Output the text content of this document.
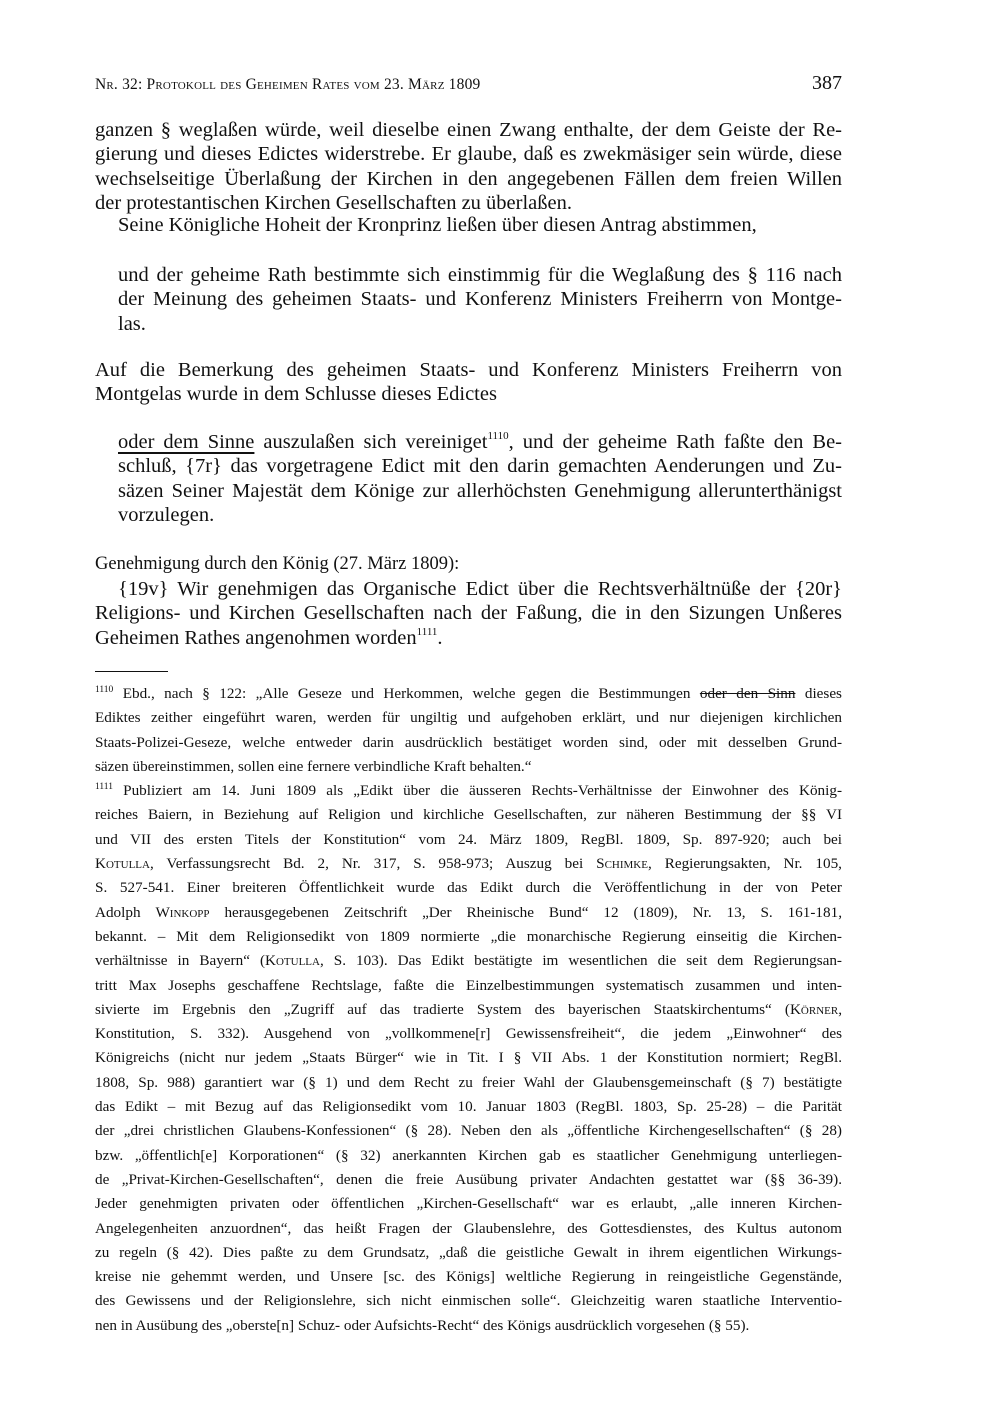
Nr. 32: Protokoll des Geheimen Rates vom 23. März 1809	387
ganzen § weglaßen würde, weil dieselbe einen Zwang enthalte, der dem Geiste der Re-
gierung und dieses Edictes widerstrebe. Er glaube, daß es zwekmäsiger sein würde, diese
wechselseitige Überlaßung der Kirchen in den angegebenen Fällen dem freien Willen
der protestantischen Kirchen Gesellschaften zu überlaßen.
Seine Königliche Hoheit der Kronprinz ließen über diesen Antrag abstimmen,
und der geheime Rath bestimmte sich einstimmig für die Weglaßung des § 116 nach
der Meinung des geheimen Staats- und Konferenz Ministers Freiherrn von Montge-
las.
Auf die Bemerkung des geheimen Staats- und Konferenz Ministers Freiherrn von
Montgelas wurde in dem Schlusse dieses Edictes
oder dem Sinne auszulaßen sich vereiniget$^{1110}$, und der geheime Rath faßte den Be-
schluß, {7r} das vorgetragene Edict mit den darin gemachten Aenderungen und Zu-
säzen Seiner Majestät dem Könige zur allerhöchsten Genehmigung allerunterthänigst
vorzulegen.
Genehmigung durch den König (27. März 1809):
{19v} Wir genehmigen das Organische Edict über die Rechtsverhältnüße der {20r}
Religions- und Kirchen Gesellschaften nach der Faßung, die in den Sizungen Unßeres
Geheimen Rathes angenohmen worden$^{1111}$.
$^{1110}$ Ebd., nach § 122: „Alle Geseze und Herkommen, welche gegen die Bestimmungen oder den Sinn dieses
Ediktes zeither eingeführt waren, werden für ungiltig und aufgehoben erklärt, und nur diejenigen kirchlichen
Staats-Polizei-Geseze, welche entweder darin ausdrücklich bestätiget worden sind, oder mit desselben Grund-
säzen übereinstimmen, sollen eine fernere verbindliche Kraft behalten.“
$^{1111}$ Publiziert am 14. Juni 1809 als „Edikt über die äusseren Rechts-Verhältnisse der Einwohner des König-
reiches Baiern, in Beziehung auf Religion und kirchliche Gesellschaften, zur näheren Bestimmung der §§ VI
und VII des ersten Titels der Konstitution“ vom 24. März 1809, RegBl. 1809, Sp. 897-920; auch bei
Kotulla, Verfassungsrecht Bd. 2, Nr. 317, S. 958-973; Auszug bei Schimke, Regierungsakten, Nr. 105,
S. 527-541. Einer breiteren Öffentlichkeit wurde das Edikt durch die Veröffentlichung in der von Peter
Adolph Winkopp herausgegebenen Zeitschrift „Der Rheinische Bund“ 12 (1809), Nr. 13, S. 161-181,
bekannt. – Mit dem Religionsedikt von 1809 normierte „die monarchische Regierung einseitig die Kirchen-
verhältnisse in Bayern“ (Kotulla, S. 103). Das Edikt bestätigte im wesentlichen die seit dem Regierungsan-
tritt Max Josephs geschaffene Rechtslage, faßte die Einzelbestimmungen systematisch zusammen und inten-
sivierte im Ergebnis den „Zugriff auf das tradierte System des bayerischen Staatskirchentums“ (Körner,
Konstitution, S. 332). Ausgehend von „vollkommene[r] Gewissensfreiheit“, die jedem „Einwohner“ des
Königreichs (nicht nur jedem „Staats Bürger“ wie in Tit. I § VII Abs. 1 der Konstitution normiert; RegBl.
1808, Sp. 988) garantiert war (§ 1) und dem Recht zu freier Wahl der Glaubensgemeinschaft (§ 7) bestätigte
das Edikt – mit Bezug auf das Religionsedikt vom 10. Januar 1803 (RegBl. 1803, Sp. 25-28) – die Parität
der „drei christlichen Glaubens-Konfessionen“ (§ 28). Neben den als „öffentliche Kirchengesellschaften“ (§ 28)
bzw. „öffentlich[e] Korporationen“ (§ 32) anerkannten Kirchen gab es staatlicher Genehmigung unterliegen-
de „Privat-Kirchen-Gesellschaften“, denen die freie Ausübung privater Andachten gestattet war (§§ 36-39).
Jeder genehmigten privaten oder öffentlichen „Kirchen-Gesellschaft“ war es erlaubt, „alle inneren Kirchen-
Angelegenheiten anzuordnen“, das heißt Fragen der Glaubenslehre, des Gottesdienstes, des Kultus autonom
zu regeln (§ 42). Dies paßte zu dem Grundsatz, „daß die geistliche Gewalt in ihrem eigentlichen Wirkungs-
kreise nie gehemmt werden, und Unsere [sc. des Königs] weltliche Regierung in reingeistliche Gegenstände,
des Gewissens und der Religionslehre, sich nicht einmischen solle“. Gleichzeitig waren staatliche Interventio-
nen in Ausübung des „oberste[n] Schuz- oder Aufsichts-Recht“ des Königs ausdrücklich vorgesehen (§ 55).
